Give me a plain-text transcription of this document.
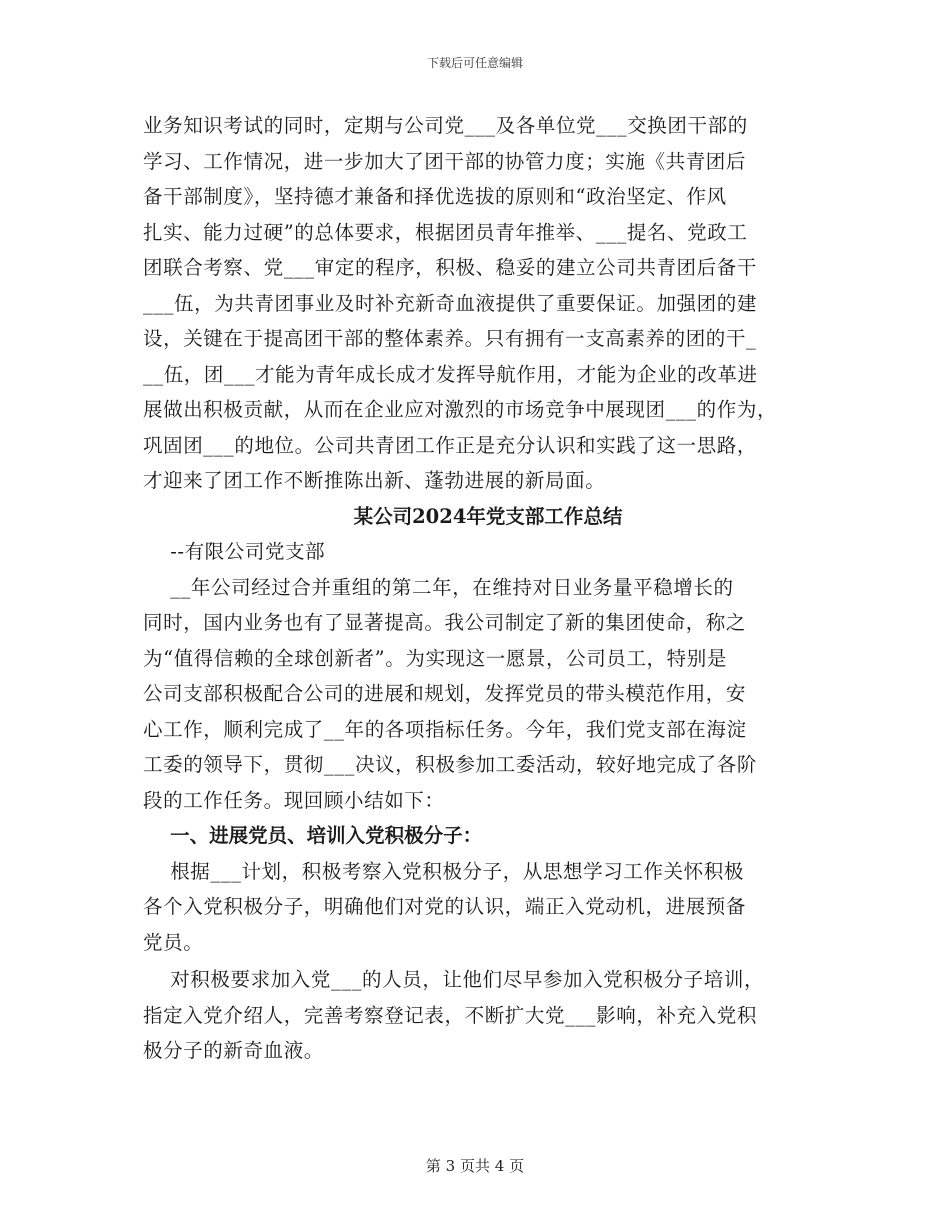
下载后可任意编辑
业务知识考试的同时，定期与公司党___及各单位党___交换团干部的
学习、工作情况，进一步加大了团干部的协管力度；实施《共青团后
备干部制度》，坚持德才兼备和择优选拔的原则和“政治坚定、作风
扎实、能力过硬”的总体要求，根据团员青年推举、___提名、党政工
团联合考察、党___审定的程序，积极、稳妥的建立公司共青团后备干
___伍，为共青团事业及时补充新奇血液提供了重要保证。加强团的建
设，关键在于提高团干部的整体素养。只有拥有一支高素养的团的干_
__伍，团___才能为青年成长成才发挥导航作用，才能为企业的改革进
展做出积极贡献，从而在企业应对激烈的市场竞争中展现团___的作为，
巩固团___的地位。公司共青团工作正是充分认识和实践了这一思路，
才迎来了团工作不断推陈出新、蓬勃进展的新局面。
某公司2024年党支部工作总结
--有限公司党支部
__年公司经过合并重组的第二年，在维持对日业务量平稳增长的
同时，国内业务也有了显著提高。我公司制定了新的集团使命，称之
为“值得信赖的全球创新者”。为实现这一愿景，公司员工，特别是
公司支部积极配合公司的进展和规划，发挥党员的带头模范作用，安
心工作，顺利完成了__年的各项指标任务。今年，我们党支部在海淀
工委的领导下，贯彻___决议，积极参加工委活动，较好地完成了各阶
段的工作任务。现回顾小结如下：
一、进展党员、培训入党积极分子：
根据___计划，积极考察入党积极分子，从思想学习工作关怀积极
各个入党积极分子，明确他们对党的认识，端正入党动机，进展预备
党员。
对积极要求加入党___的人员，让他们尽早参加入党积极分子培训，
指定入党介绍人，完善考察登记表，不断扩大党___影响，补充入党积
极分子的新奇血液。
第 3 页共 4 页
